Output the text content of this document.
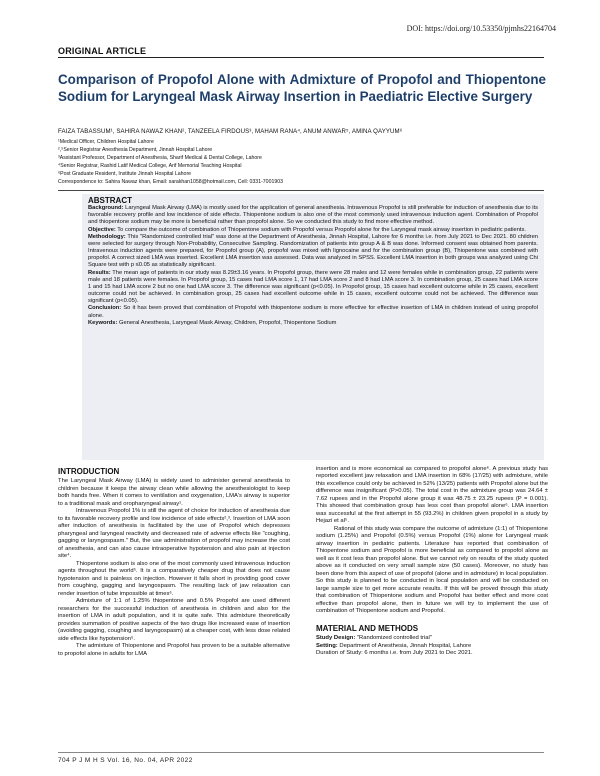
DOI: https://doi.org/10.53350/pjmhs22164704
ORIGINAL ARTICLE
Comparison of Propofol Alone with Admixture of Propofol and Thiopentone Sodium for Laryngeal Mask Airway Insertion in Paediatric Elective Surgery
FAIZA TABASSUM¹, SAHIRA NAWAZ KHAN², TANZEELA FIRDOUS³, MAHAM RANA⁴, ANUM ANWAR⁵, AMINA QAYYUM⁶
¹Medical Officer, Children Hospital Lahore
²,⁵Senior Registrar Anesthesia Department, Jinnah Hospital Lahore
³Assistant Professor, Department of Anesthesia, Sharif Medical & Dental College, Lahore
⁴Senior Registrar, Rashid Latif Medical College, Arif Memorial Teaching Hospital
⁶Post Graduate Resident, Institute Jinnah Hospital Lahore
Correspondence to: Sahira Nawaz khan, Email: sarakhan1058@hotmail.com, Cell: 0331-7001903
ABSTRACT

Background: Laryngeal Mask Airway (LMA) is mostly used for the application of general anesthesia. Intravenous Propofol is still preferable for induction of anesthesia due to its favorable recovery profile and low incidence of side effects. Thiopentone sodium is also one of the most commonly used intravenous induction agent. Combination of Propofol and thiopentone sodium may be more is beneficial rather than propofol alone. So we conducted this study to find more effective method.

Objective: To compare the outcome of combination of Thiopentone sodium with Propofol versus Propofol alone for the Laryngeal mask airway insertion in pediatric patients.

Methodology: This "Randomized controlled trial" was done at the Department of Anesthesia, Jinnah Hospital, Lahore for 6 months i.e. from July 2021 to Dec 2021. 80 children were selected for surgery through Non-Probability, Consecutive Sampling. Randomization of patients into group A & B was done. Informed consent was obtained from parents. Intravenous induction agents were prepared, for Propofol group (A), propofol was mixed with lignocaine and for the combination group (B), Thiopentone was combined with propofol. A correct sized LMA was inserted. Excellent LMA insertion was assessed. Data was analyzed in SPSS. Excellent LMA insertion in both groups was analyzed using Chi Square test with p ≤0.05 as statistically significant.

Results: The mean age of patients in our study was 8.29±3.16 years. In Propofol group, there were 28 males and 12 were females while in combination group, 22 patients were male and 18 patients were females. In Propofol group, 15 cases had LMA score 1, 17 had LMA score 2 and 8 had LMA score 3. In combination group, 25 cases had LMA score 1 and 15 had LMA score 2 but no one had LMA score 3. The difference was significant (p<0.05). In Propofol group, 15 cases had excellent outcome while in 25 cases, excellent outcome could not be achieved. In combination group, 25 cases had excellent outcome while in 15 cases, excellent outcome could not be achieved. The difference was significant (p<0.05).

Conclusion: So it has been proved that combination of Propofol with thiopentone sodium is more effective for effective insertion of LMA in children instead of using propofol alone.

Keywords: General Anesthesia, Laryngeal Mask Airway, Children, Propofol, Thiopentone Sodium

INTRODUCTION

The Laryngeal Mask Airway (LMA) is widely used to administer general anesthesia to children because it keeps the airway clean while allowing the anesthesiologist to keep both hands free. When it comes to ventilation and oxygenation, LMA's airway is superior to a traditional mask and oropharyngeal airway¹.

Intravenous Propofol 1% is still the agent of choice for induction of anesthesia due to its favorable recovery profile and low incidence of side effects²,³. Insertion of LMA soon after induction of anesthesia is facilitated by the use of Propofol which depresses pharyngeal and laryngeal reactivity and decreased rate of adverse effects like "coughing, gagging or laryngospasm." But, the use administration of propofol may increase the cost of anesthesia, and can also cause intraoperative hypotension and also pain at injection site⁴.

Thiopentone sodium is also one of the most commonly used intravenous induction agents throughout the world⁵. It is a comparatively cheaper drug that does not cause hypotension and is painless on injection. However it falls short in providing good cover from coughing, gagging and laryngospasm. The resulting lack of jaw relaxation can render insertion of tube impossible at times⁶.

Admixture of 1:1 of 1.25% thiopentone and 0.5% Propofol are used different researchers for the successful induction of anesthesia in children and also for the insertion of LMA in adult population, and it is quite safe. This admixture theoretically provides summation of positive aspects of the two drugs like increased ease of insertion (avoiding gagging, coughing and laryngospasm) at a cheaper cost, with less dose related side effects like hypotension⁵.

The admixture of Thiopentone and Propofol has proven to be a suitable alternative to propofol alone in adults for LMA

insertion and is more economical as compared to propofol alone⁶. A previous study has reported excellent jaw relaxation and LMA insertion in 68% (17/25) with admixture, while this excellence could only be achieved in 52% (13/25) patients with Propofol alone but the difference was insignificant (P>0.05). The total cost in the admixture group was 24.64 ± 7.62 rupees and in the Propofol alone group it was 48.75 ± 23.25 rupees (P = 0.001). This showed that combination group has less cost than propofol alone⁶. LMA insertion was successful at the first attempt in 55 (93.2%) in children given propofol in a study by Hejazi et al⁵.

Rational of this study was compare the outcome of admixture (1:1) of Thiopentone sodium (1.25%) and Propofol (0.5%) versus Propofol (1%) alone for Laryngeal mask airway insertion in pediatric patients. Literature has reported that combination of Thiopentone sodium and Propofol is more beneficial as compared to propofol alone as well as it cost less than propofol alone. But we cannot rely on results of the study quoted above as it conducted on very small sample size (50 cases). Moreover, no study has been done from this aspect of use of propofol (alone and in admixture) in local population. So this study is planned to be conducted in local population and will be conducted on large sample size to get more accurate results. If this will be proved through this study that combination of Thiopentone sodium and Propofol has better effect and more cost effective than propofol alone, then in future we will try to implement the use of combination of Thiopentone sodium and Propofol.

MATERIAL AND METHODS

Study Design: "Randomized controlled trial"

Setting: Department of Anesthesia, Jinnah Hospital, Lahore

Duration of Study: 6 months i.e. from July 2021 to Dec 2021.

704 P J M H S Vol. 16, No. 04, APR 2022
